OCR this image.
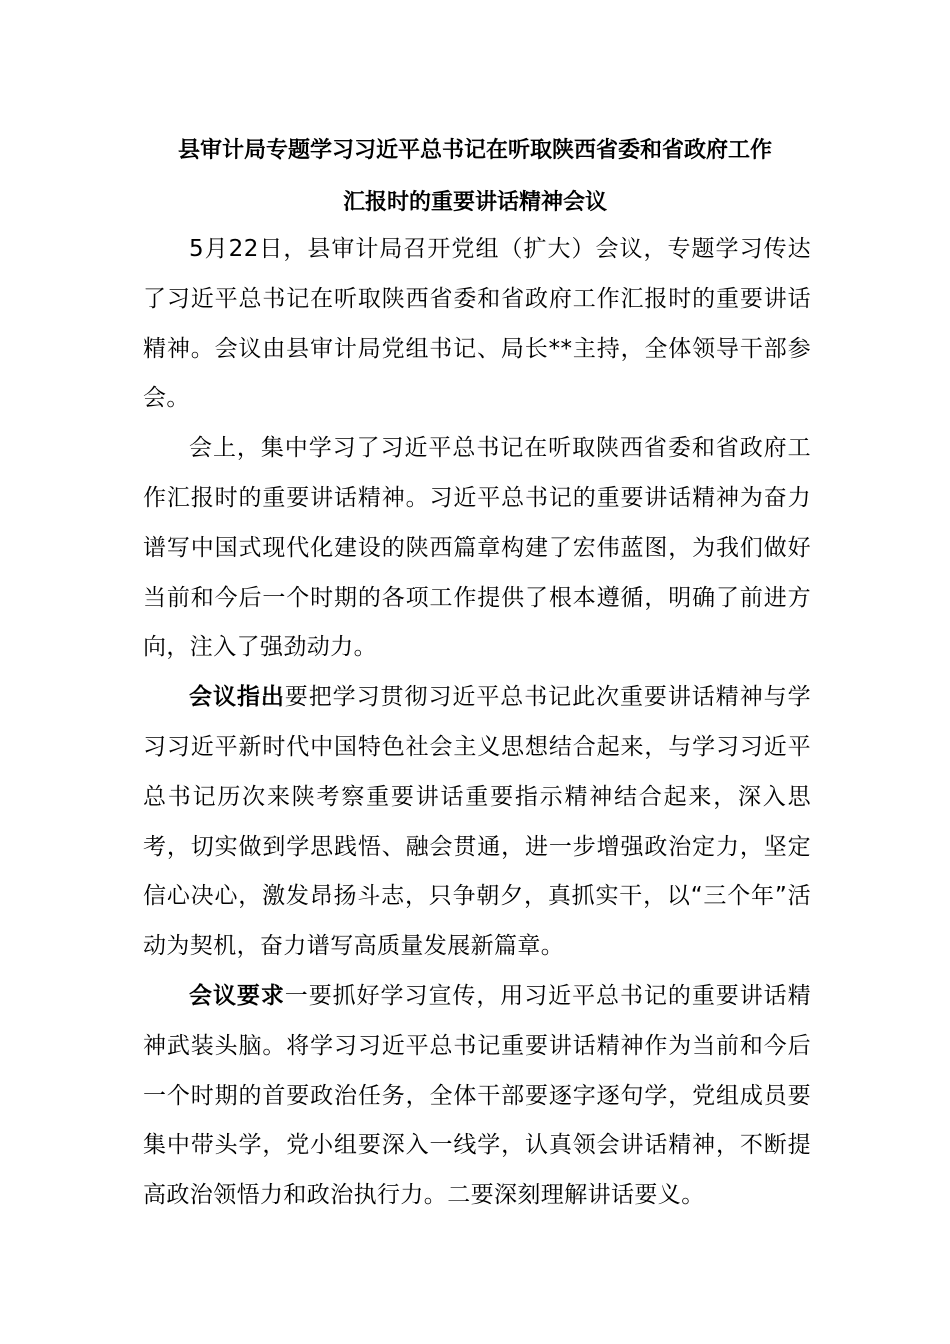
县审计局专题学习习近平总书记在听取陕西省委和省政府工作
汇报时的重要讲话精神会议

5月22日，县审计局召开党组（扩大）会议，专题学习传达了习近平总书记在听取陕西省委和省政府工作汇报时的重要讲话精神。会议由县审计局党组书记、局长**主持，全体领导干部参会。

会上，集中学习了习近平总书记在听取陕西省委和省政府工作汇报时的重要讲话精神。习近平总书记的重要讲话精神为奋力谱写中国式现代化建设的陕西篇章构建了宏伟蓝图，为我们做好当前和今后一个时期的各项工作提供了根本遵循，明确了前进方向，注入了强劲动力。

会议指出要把学习贯彻习近平总书记此次重要讲话精神与学习习近平新时代中国特色社会主义思想结合起来，与学习习近平总书记历次来陕考察重要讲话重要指示精神结合起来，深入思考，切实做到学思践悟、融会贯通，进一步增强政治定力，坚定信心决心，激发昂扬斗志，只争朝夕，真抓实干，以“三个年”活动为契机，奋力谱写高质量发展新篇章。

会议要求一要抓好学习宣传，用习近平总书记的重要讲话精神武装头脑。将学习习近平总书记重要讲话精神作为当前和今后一个时期的首要政治任务，全体干部要逐字逐句学，党组成员要集中带头学，党小组要深入一线学，认真领会讲话精神，不断提高政治领悟力和政治执行力。二要深刻理解讲话要义。
